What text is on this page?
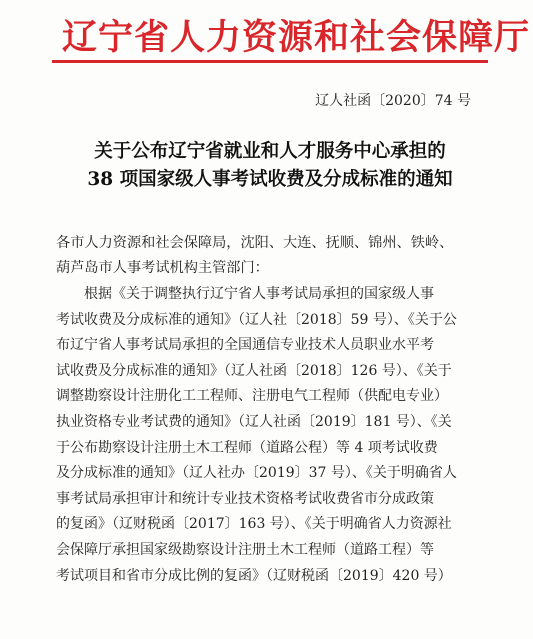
辽宁省人力资源和社会保障厅
辽人社函〔2020〕74 号
关于公布辽宁省就业和人才服务中心承担的
38 项国家级人事考试收费及分成标准的通知
各市人力资源和社会保障局，沈阳、大连、抚顺、锦州、铁岭、
葫芦岛市人事考试机构主管部门：
根据《关于调整执行辽宁省人事考试局承担的国家级人事
考试收费及分成标准的通知》（辽人社〔2018〕59 号）、《关于公
布辽宁省人事考试局承担的全国通信专业技术人员职业水平考
试收费及分成标准的通知》（辽人社函〔2018〕126 号）、《关于
调整勘察设计注册化工工程师、注册电气工程师（供配电专业）
执业资格专业考试费的通知》（辽人社函〔2019〕181 号）、《关
于公布勘察设计注册土木工程师（道路公程）等 4 项考试收费
及分成标准的通知》（辽人社办〔2019〕37 号）、《关于明确省人
事考试局承担审计和统计专业技术资格考试收费省市分成政策
的复函》（辽财税函〔2017〕163 号）、《关于明确省人力资源社
会保障厅承担国家级勘察设计注册土木工程师（道路工程）等
考试项目和省市分成比例的复函》（辽财税函〔2019〕420 号）
